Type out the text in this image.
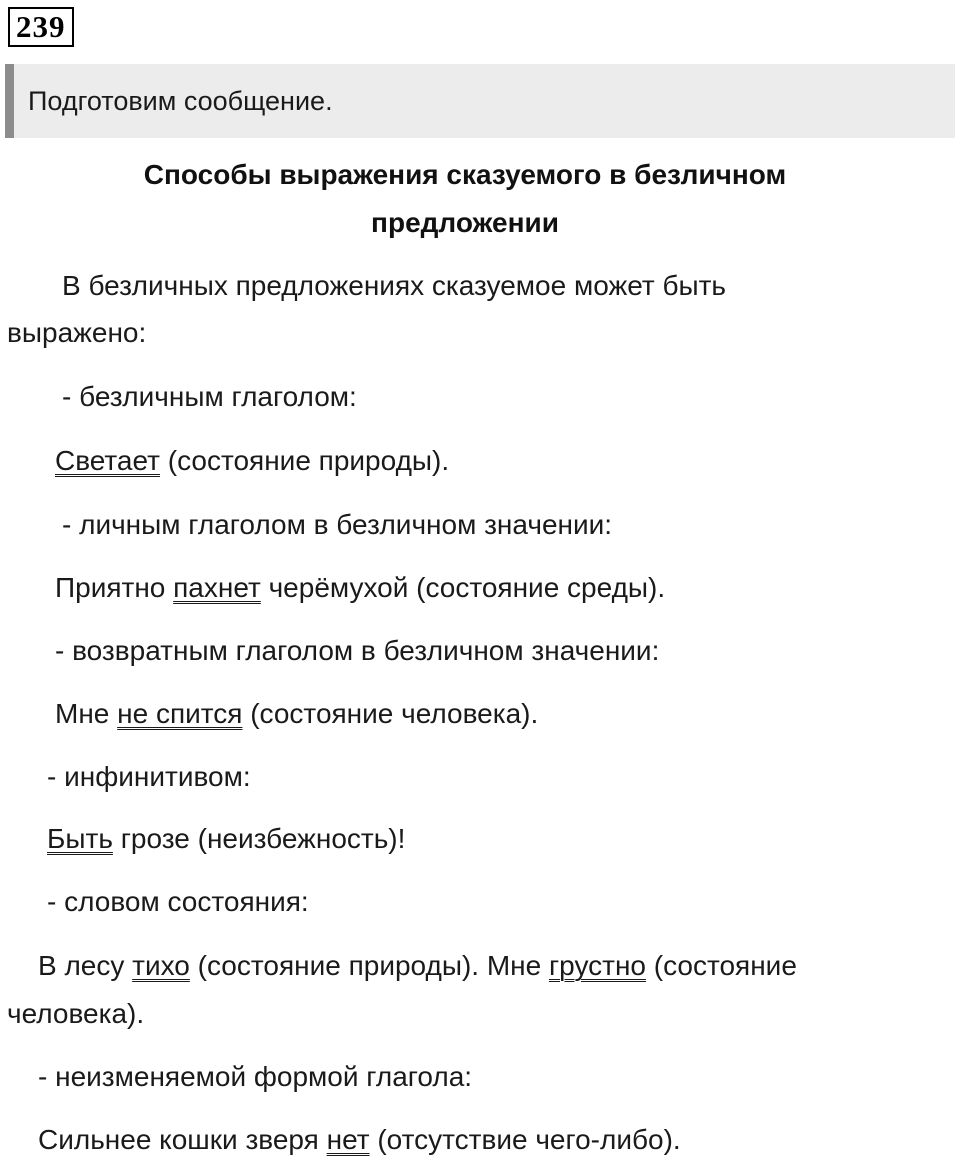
239
Подготовим сообщение.
Способы выражения сказуемого в безличном
предложении
В безличных предложениях сказуемое может быть
выражено:
- безличным глаголом:
Светает (состояние природы).
- личным глаголом в безличном значении:
Приятно пахнет черёмухой (состояние среды).
- возвратным глаголом в безличном значении:
Мне не спится (состояние человека).
- инфинитивом:
Быть грозе (неизбежность)!
- словом состояния:
В лесу тихо (состояние природы). Мне грустно (состояние
человека).
- неизменяемой формой глагола:
Сильнее кошки зверя нет (отсутствие чего-либо).
